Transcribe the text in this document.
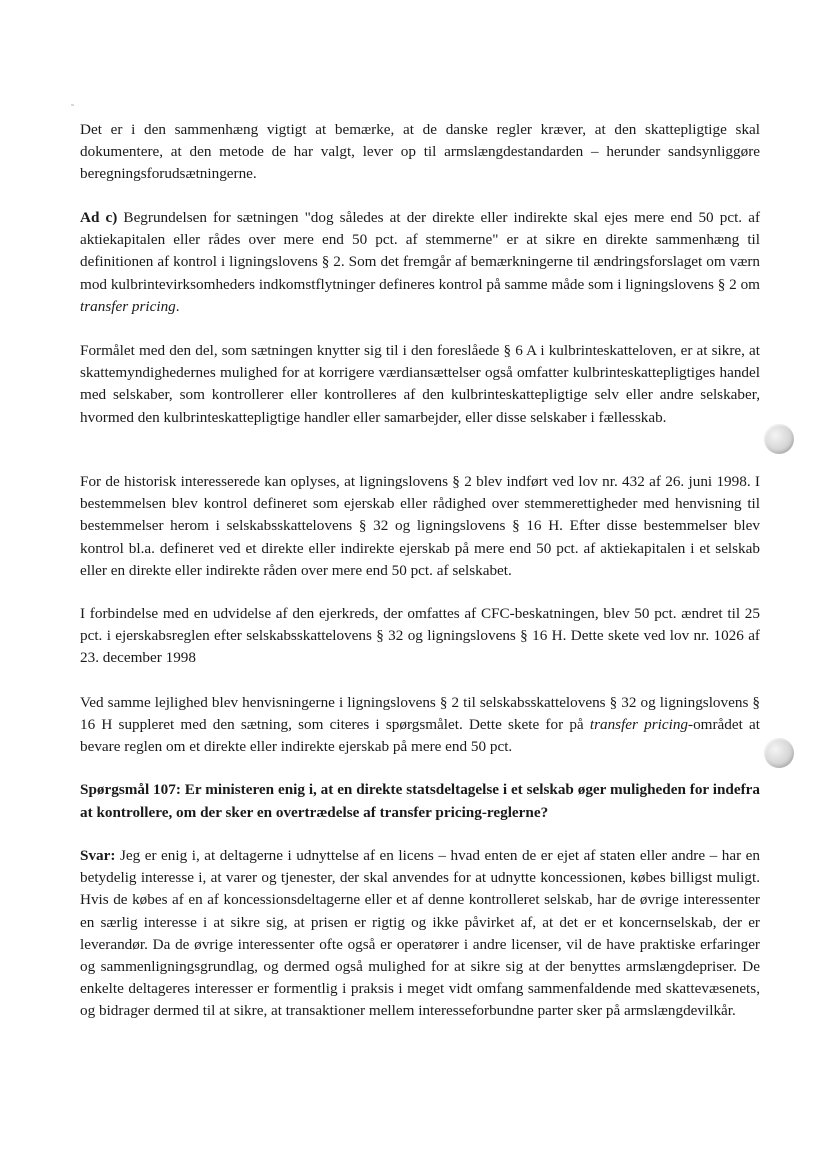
Det er i den sammenhæng vigtigt at bemærke, at de danske regler kræver, at den skattepligtige skal dokumentere, at den metode de har valgt, lever op til armslængdestandarden – herunder sandsynliggøre beregningsforudsætningerne.

Ad c) Begrundelsen for sætningen "dog således at der direkte eller indirekte skal ejes mere end 50 pct. af aktiekapitalen eller rådes over mere end 50 pct. af stemmerne" er at sikre en direkte sammenhæng til definitionen af kontrol i ligningslovens § 2. Som det fremgår af bemærkningerne til ændringsforslaget om værn mod kulbrintevirksomheders indkomstflytninger defineres kontrol på samme måde som i ligningslovens § 2 om transfer pricing.

Formålet med den del, som sætningen knytter sig til i den foreslåede § 6 A i kulbrinteskatteloven, er at sikre, at skattemyndighedernes mulighed for at korrigere værdiansættelser også omfatter kulbrinteskattepligtiges handel med selskaber, som kontrollerer eller kontrolleres af den kulbrinteskattepligtige selv eller andre selskaber, hvormed den kulbrinteskattepligtige handler eller samarbejder, eller disse selskaber i fællesskab.

For de historisk interesserede kan oplyses, at ligningslovens § 2 blev indført ved lov nr. 432 af 26. juni 1998. I bestemmelsen blev kontrol defineret som ejerskab eller rådighed over stemmerettigheder med henvisning til bestemmelser herom i selskabsskattelovens § 32 og ligningslovens § 16 H. Efter disse bestemmelser blev kontrol bl.a. defineret ved et direkte eller indirekte ejerskab på mere end 50 pct. af aktiekapitalen i et selskab eller en direkte eller indirekte råden over mere end 50 pct. af selskabet.

I forbindelse med en udvidelse af den ejerkreds, der omfattes af CFC-beskatningen, blev 50 pct. ændret til 25 pct. i ejerskabsreglen efter selskabsskattelovens § 32 og ligningslovens § 16 H. Dette skete ved lov nr. 1026 af 23. december 1998

Ved samme lejlighed blev henvisningerne i ligningslovens § 2 til selskabsskattelovens § 32 og ligningslovens § 16 H suppleret med den sætning, som citeres i spørgsmålet. Dette skete for på transfer pricing-området at bevare reglen om et direkte eller indirekte ejerskab på mere end 50 pct.

Spørgsmål 107: Er ministeren enig i, at en direkte statsdeltagelse i et selskab øger muligheden for indefra at kontrollere, om der sker en overtrædelse af transfer pricing-reglerne?

Svar: Jeg er enig i, at deltagerne i udnyttelse af en licens – hvad enten de er ejet af staten eller andre – har en betydelig interesse i, at varer og tjenester, der skal anvendes for at udnytte koncessionen, købes billigst muligt. Hvis de købes af en af koncessionsdeltagerne eller et af denne kontrolleret selskab, har de øvrige interessenter en særlig interesse i at sikre sig, at prisen er rigtig og ikke påvirket af, at det er et koncernselskab, der er leverandør. Da de øvrige interessenter ofte også er operatører i andre licenser, vil de have praktiske erfaringer og sammenligningsgrundlag, og dermed også mulighed for at sikre sig at der benyttes armslængdepriser. De enkelte deltageres interesser er formentlig i praksis i meget vidt omfang sammenfaldende med skattevæsenets, og bidrager dermed til at sikre, at transaktioner mellem interesseforbundne parter sker på armslængdevilkår.
